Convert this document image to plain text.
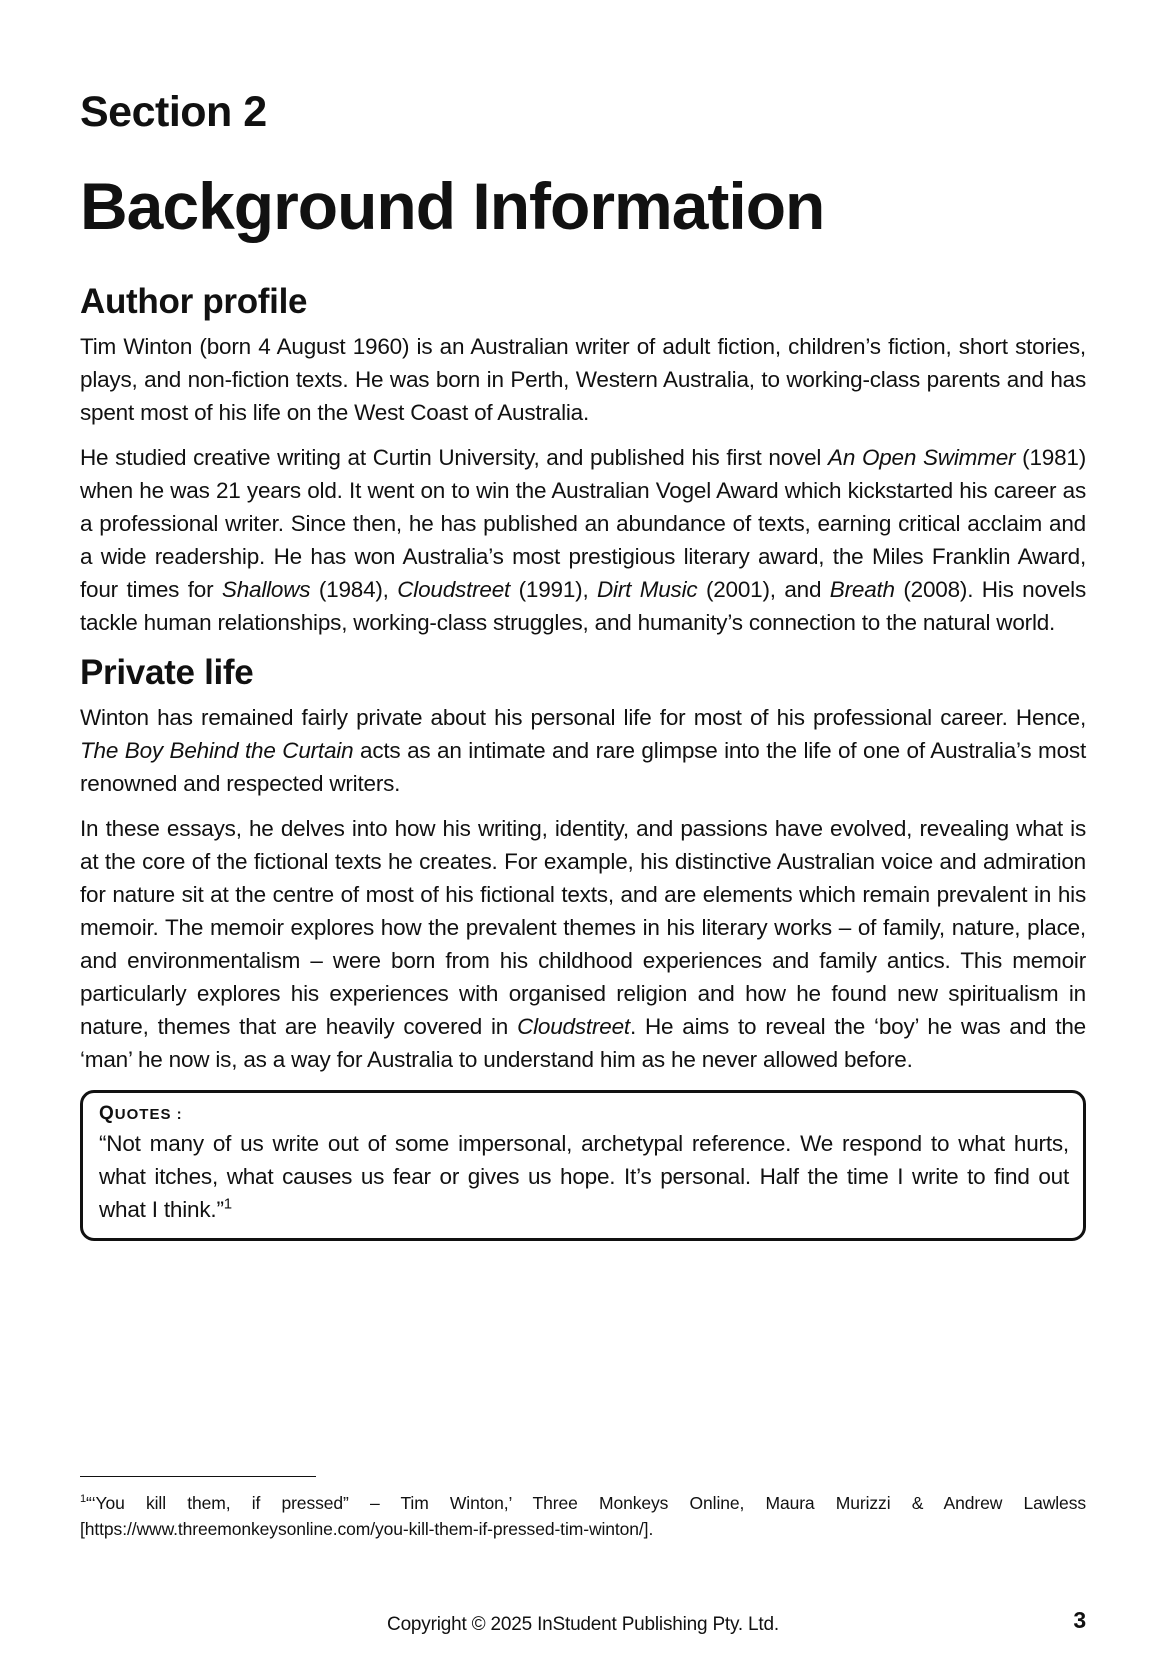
Section 2
Background Information
Author profile

Tim Winton (born 4 August 1960) is an Australian writer of adult fiction, children’s fiction, short stories, plays, and non-fiction texts. He was born in Perth, Western Australia, to working-class parents and has spent most of his life on the West Coast of Australia.

He studied creative writing at Curtin University, and published his first novel An Open Swimmer (1981) when he was 21 years old. It went on to win the Australian Vogel Award which kickstarted his career as a professional writer. Since then, he has published an abundance of texts, earning critical acclaim and a wide readership. He has won Australia’s most prestigious literary award, the Miles Franklin Award, four times for Shallows (1984), Cloudstreet (1991), Dirt Music (2001), and Breath (2008). His novels tackle human relationships, working-class struggles, and humanity’s connection to the natural world.

Private life

Winton has remained fairly private about his personal life for most of his professional career. Hence, The Boy Behind the Curtain acts as an intimate and rare glimpse into the life of one of Australia’s most renowned and respected writers.

In these essays, he delves into how his writing, identity, and passions have evolved, revealing what is at the core of the fictional texts he creates. For example, his distinctive Australian voice and admiration for nature sit at the centre of most of his fictional texts, and are elements which remain prevalent in his memoir. The memoir explores how the prevalent themes in his literary works – of family, nature, place, and environmentalism – were born from his childhood experiences and family antics. This memoir particularly explores his experiences with organised religion and how he found new spiritualism in nature, themes that are heavily covered in Cloudstreet. He aims to reveal the ‘boy’ he was and the ‘man’ he now is, as a way for Australia to understand him as he never allowed before.

QUOTES :

“Not many of us write out of some impersonal, archetypal reference. We respond to what hurts, what itches, what causes us fear or gives us hope. It’s personal. Half the time I write to find out what I think.”$^1$

$^1$“‘You kill them, if pressed” – Tim Winton,’ Three Monkeys Online, Maura Murizzi & Andrew Lawless [https://www.threemonkeysonline.com/you-kill-them-if-pressed-tim-winton/].

Copyright © 2025 InStudent Publishing Pty. Ltd.	3
